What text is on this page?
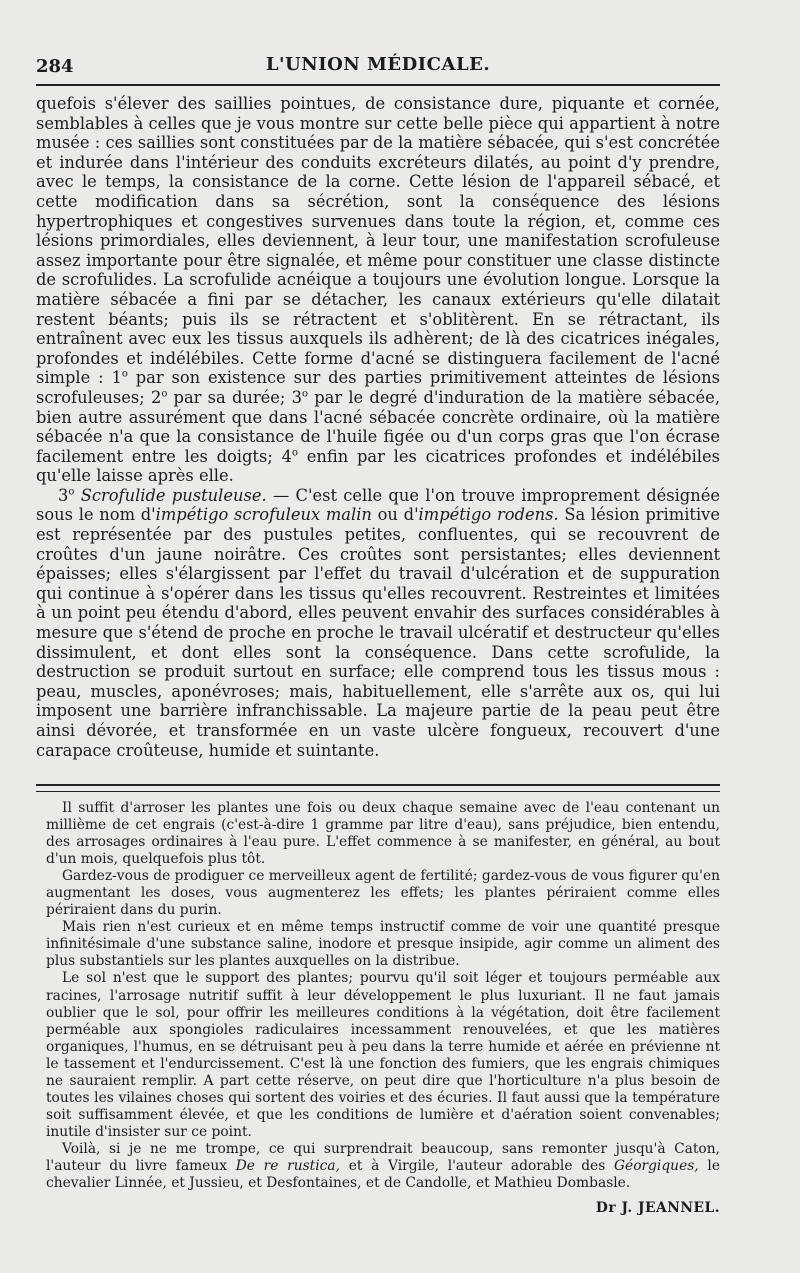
284	L'UNION MÉDICALE.

quefois s'élever des saillies pointues, de consistance dure, piquante et cornée, semblables à celles que je vous montre sur cette belle pièce qui appartient à notre musée : ces saillies sont constituées par de la matière sébacée, qui s'est concrétée et indurée dans l'intérieur des conduits excréteurs dilatés, au point d'y prendre, avec le temps, la consistance de la corne. Cette lésion de l'appareil sébacé, et cette modification dans sa sécrétion, sont la conséquence des lésions hypertrophiques et congestives survenues dans toute la région, et, comme ces lésions primordiales, elles deviennent, à leur tour, une manifestation scrofuleuse assez importante pour être signalée, et même pour constituer une classe distincte de scrofulides. La scrofulide acnéique a toujours une évolution longue. Lorsque la matière sébacée a fini par se détacher, les canaux extérieurs qu'elle dilatait restent béants; puis ils se rétractent et s'oblitèrent. En se rétractant, ils entraînent avec eux les tissus auxquels ils adhèrent; de là des cicatrices inégales, profondes et indélébiles. Cette forme d'acné se distinguera facilement de l'acné simple : 1$^o$ par son existence sur des parties primitivement atteintes de lésions scrofuleuses; 2$^o$ par sa durée; 3$^o$ par le degré d'induration de la matière sébacée, bien autre assurément que dans l'acné sébacée concrète ordinaire, où la matière sébacée n'a que la consistance de l'huile figée ou d'un corps gras que l'on écrase facilement entre les doigts; 4$^o$ enfin par les cicatrices profondes et indélébiles qu'elle laisse après elle.

3$^o$ Scrofulide pustuleuse. — C'est celle que l'on trouve improprement désignée sous le nom d'impétigo scrofuleux malin ou d'impétigo rodens. Sa lésion primitive est représentée par des pustules petites, confluentes, qui se recouvrent de croûtes d'un jaune noirâtre. Ces croûtes sont persistantes; elles deviennent épaisses; elles s'élargissent par l'effet du travail d'ulcération et de suppuration qui continue à s'opérer dans les tissus qu'elles recouvrent. Restreintes et limitées à un point peu étendu d'abord, elles peuvent envahir des surfaces considérables à mesure que s'étend de proche en proche le travail ulcératif et destructeur qu'elles dissimulent, et dont elles sont la conséquence. Dans cette scrofulide, la destruction se produit surtout en surface; elle comprend tous les tissus mous : peau, muscles, aponévroses; mais, habituellement, elle s'arrête aux os, qui lui imposent une barrière infranchissable. La majeure partie de la peau peut être ainsi dévorée, et transformée en un vaste ulcère fongueux, recouvert d'une carapace croûteuse, humide et suintante.

Il suffit d'arroser les plantes une fois ou deux chaque semaine avec de l'eau contenant un millième de cet engrais (c'est-à-dire 1 gramme par litre d'eau), sans préjudice, bien entendu, des arrosages ordinaires à l'eau pure. L'effet commence à se manifester, en général, au bout d'un mois, quelquefois plus tôt.

Gardez-vous de prodiguer ce merveilleux agent de fertilité; gardez-vous de vous figurer qu'en augmentant les doses, vous augmenterez les effets; les plantes périraient comme elles périraient dans du purin.

Mais rien n'est curieux et en même temps instructif comme de voir une quantité presque infinitésimale d'une substance saline, inodore et presque insipide, agir comme un aliment des plus substantiels sur les plantes auxquelles on la distribue.

Le sol n'est que le support des plantes; pourvu qu'il soit léger et toujours perméable aux racines, l'arrosage nutritif suffit à leur développement le plus luxuriant. Il ne faut jamais oublier que le sol, pour offrir les meilleures conditions à la végétation, doit être facilement perméable aux spongioles radiculaires incessamment renouvelées, et que les matières organiques, l'humus, en se détruisant peu à peu dans la terre humide et aérée en prévienne nt le tassement et l'endurcissement. C'est là une fonction des fumiers, que les engrais chimiques ne sauraient remplir. A part cette réserve, on peut dire que l'horticulture n'a plus besoin de toutes les vilaines choses qui sortent des voiries et des écuries. Il faut aussi que la température soit suffisamment élevée, et que les conditions de lumière et d'aération soient convenables; inutile d'insister sur ce point.

Voilà, si je ne me trompe, ce qui surprendrait beaucoup, sans remonter jusqu'à Caton, l'auteur du livre fameux De re rustica, et à Virgile, l'auteur adorable des Géorgiques, le chevalier Linnée, et Jussieu, et Desfontaines, et de Candolle, et Mathieu Dombasle.

Dr J. JEANNEL.
